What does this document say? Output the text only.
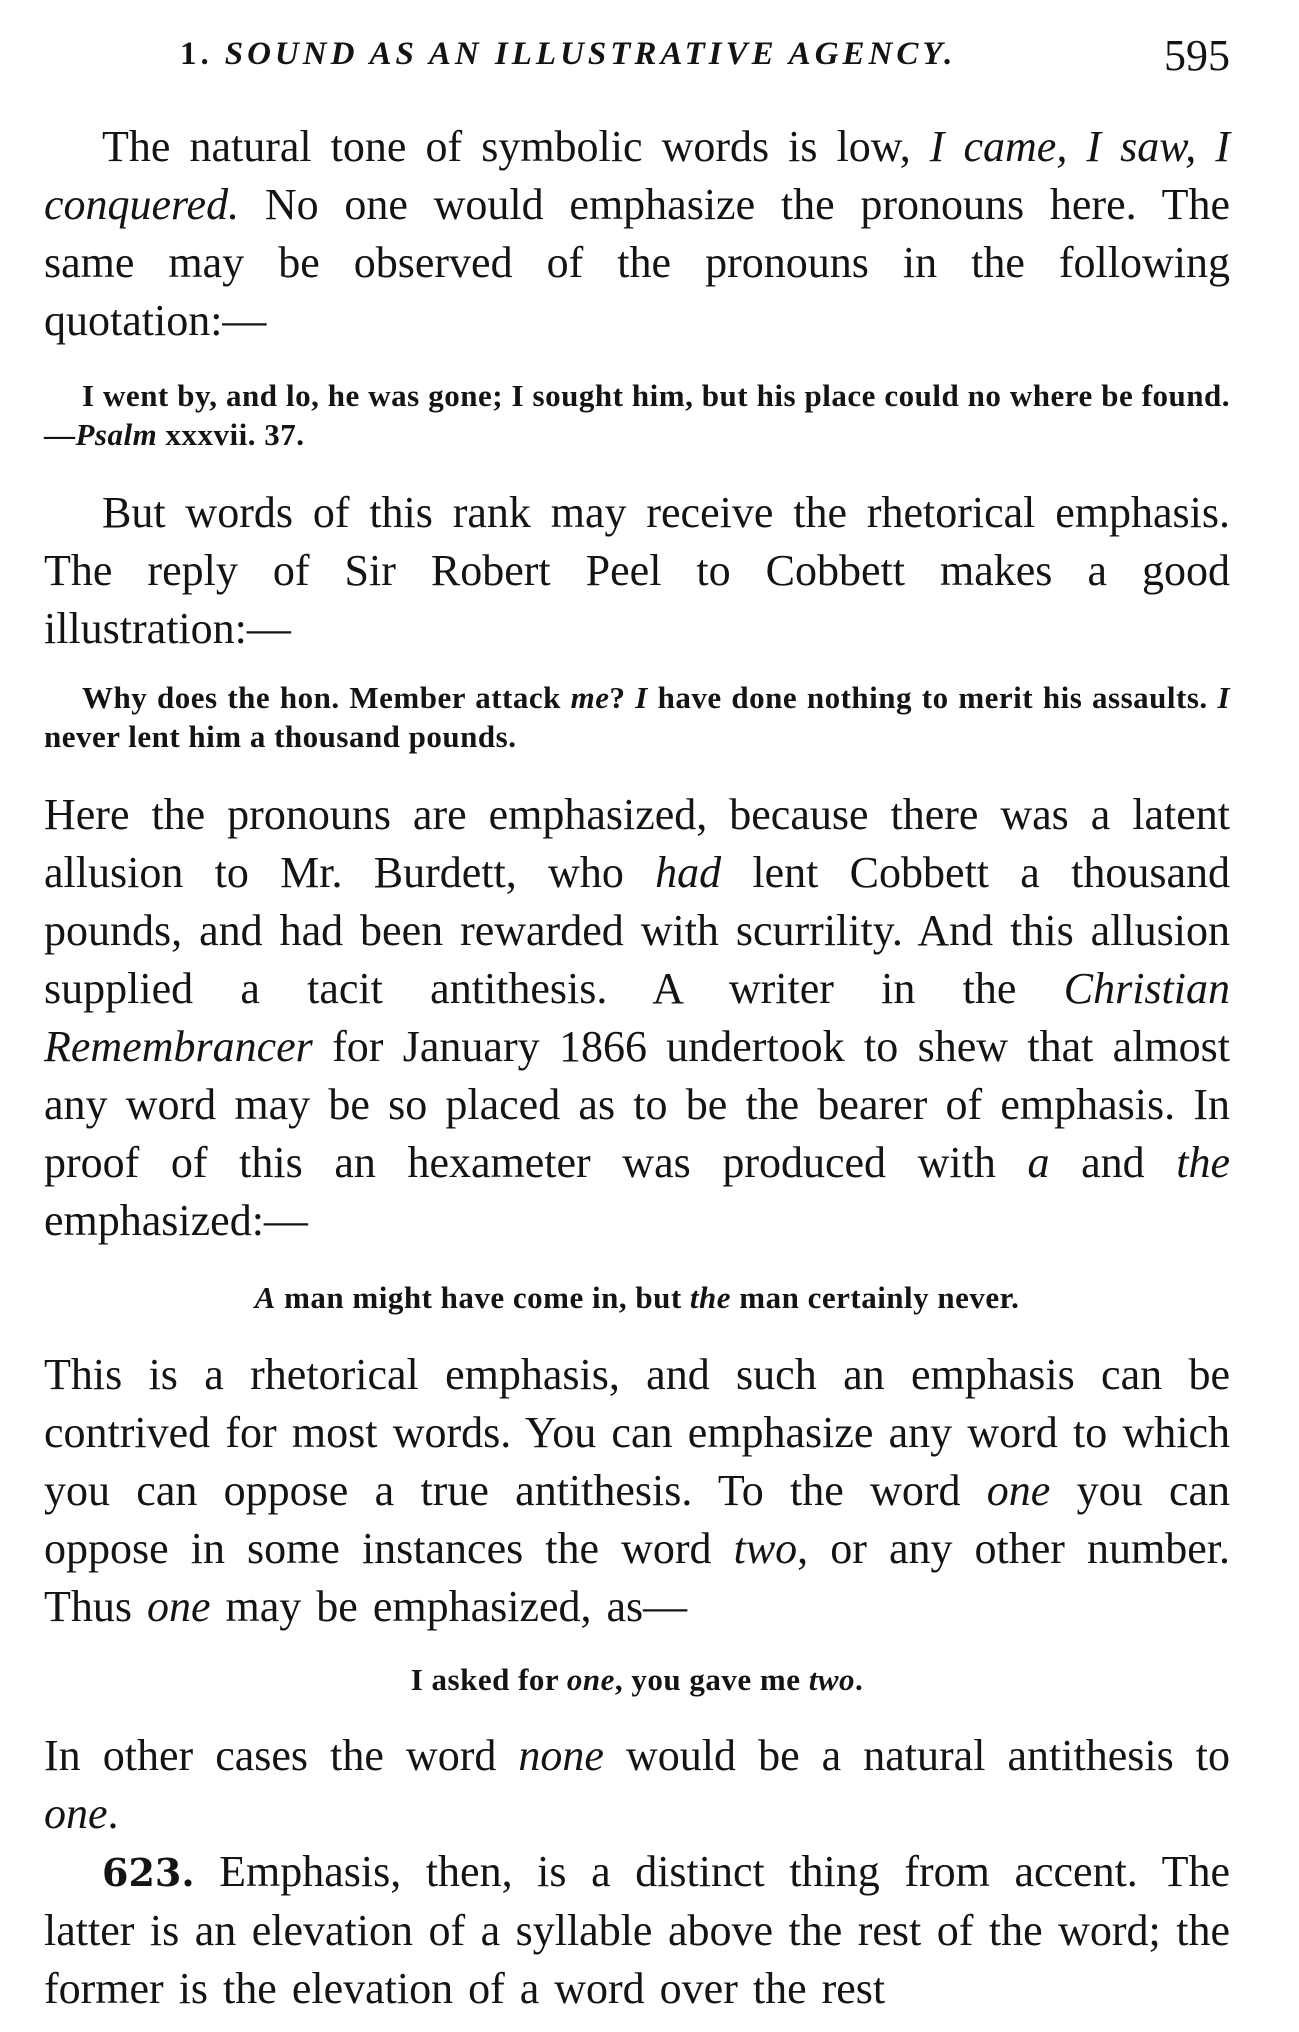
1. SOUND AS AN ILLUSTRATIVE AGENCY.	595

The natural tone of symbolic words is low, I came, I saw, I conquered. No one would emphasize the pronouns here. The same may be observed of the pronouns in the following quotation:—

I went by, and lo, he was gone; I sought him, but his place could no where be found.—Psalm xxxvii. 37.

But words of this rank may receive the rhetorical emphasis. The reply of Sir Robert Peel to Cobbett makes a good illustration:—

Why does the hon. Member attack me? I have done nothing to merit his assaults. I never lent him a thousand pounds.

Here the pronouns are emphasized, because there was a latent allusion to Mr. Burdett, who had lent Cobbett a thousand pounds, and had been rewarded with scurrility. And this allusion supplied a tacit antithesis. A writer in the Christian Remembrancer for January 1866 undertook to shew that almost any word may be so placed as to be the bearer of emphasis. In proof of this an hexameter was produced with a and the emphasized:—

A man might have come in, but the man certainly never.

This is a rhetorical emphasis, and such an emphasis can be contrived for most words. You can emphasize any word to which you can oppose a true antithesis. To the word one you can oppose in some instances the word two, or any other number. Thus one may be emphasized, as—

I asked for one, you gave me two.

In other cases the word none would be a natural antithesis to one.

623. Emphasis, then, is a distinct thing from accent. The latter is an elevation of a syllable above the rest of the word; the former is the elevation of a word over the rest
